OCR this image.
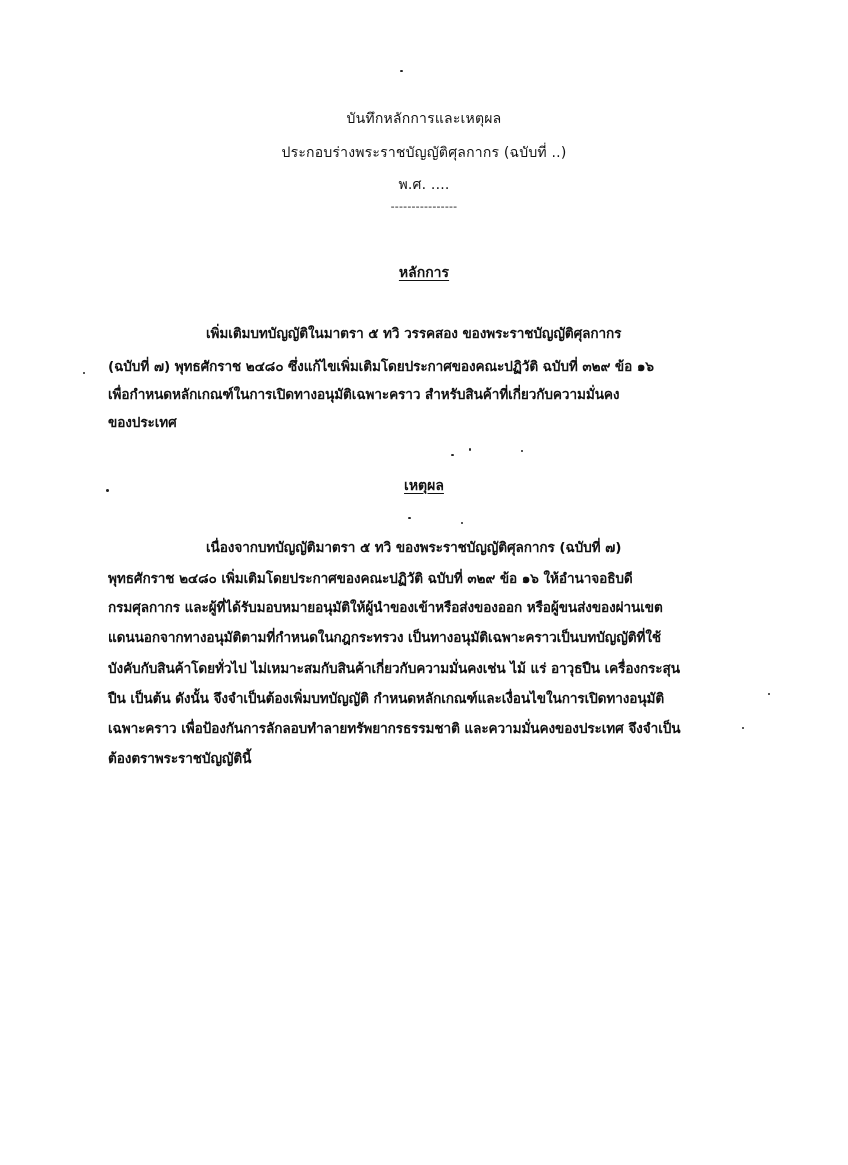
บันทึกหลักการและเหตุผล
ประกอบร่างพระราชบัญญัติศุลกากร (ฉบับที่ ..)
พ.ศ. ....
----------------
หลักการ
เพิ่มเติมบทบัญญัติในมาตรา ๕ ทวิ วรรคสอง ของพระราชบัญญัติศุลกากร
(ฉบับที่ ๗) พุทธศักราช ๒๔๘๐ ซึ่งแก้ไขเพิ่มเติมโดยประกาศของคณะปฏิวัติ ฉบับที่ ๓๒๙ ข้อ ๑๖
เพื่อกำหนดหลักเกณฑ์ในการเปิดทางอนุมัติเฉพาะคราว สำหรับสินค้าที่เกี่ยวกับความมั่นคง
ของประเทศ
เหตุผล
เนื่องจากบทบัญญัติมาตรา ๕ ทวิ ของพระราชบัญญัติศุลกากร (ฉบับที่ ๗)
พุทธศักราช ๒๔๘๐ เพิ่มเติมโดยประกาศของคณะปฏิวัติ ฉบับที่ ๓๒๙ ข้อ ๑๖ ให้อำนาจอธิบดี
กรมศุลกากร และผู้ที่ได้รับมอบหมายอนุมัติให้ผู้นำของเข้าหรือส่งของออก หรือผู้ขนส่งของผ่านเขต
แดนนอกจากทางอนุมัติตามที่กำหนดในกฎกระทรวง เป็นทางอนุมัติเฉพาะคราวเป็นบทบัญญัติที่ใช้
บังคับกับสินค้าโดยทั่วไป ไม่เหมาะสมกับสินค้าเกี่ยวกับความมั่นคงเช่น ไม้ แร่ อาวุธปืน เครื่องกระสุน
ปืน เป็นต้น ดังนั้น จึงจำเป็นต้องเพิ่มบทบัญญัติ กำหนดหลักเกณฑ์และเงื่อนไขในการเปิดทางอนุมัติ
เฉพาะคราว เพื่อป้องกันการลักลอบทำลายทรัพยากรธรรมชาติ และความมั่นคงของประเทศ จึงจำเป็น
ต้องตราพระราชบัญญัตินี้
